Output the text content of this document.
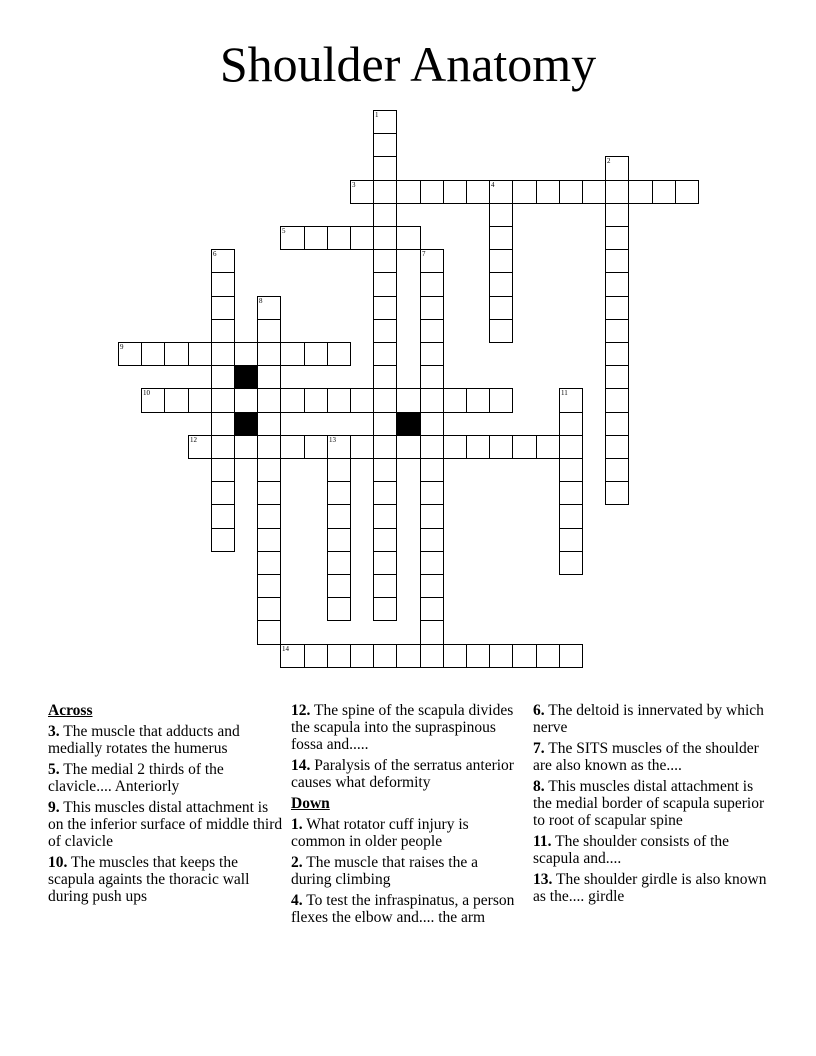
Shoulder Anatomy
1
2
3	4
5
6	7
8
9
10	11
12	13
14
Across
3. The muscle that adducts and medially rotates the humerus
5. The medial 2 thirds of the clavicle.... Anteriorly
9. This muscles distal attachment is on the inferior surface of middle third of clavicle
10. The muscles that keeps the scapula againts the thoracic wall during push ups
12. The spine of the scapula divides the scapula into the supraspinous fossa and.....
14. Paralysis of the serratus anterior causes what deformity
Down
1. What rotator cuff injury is common in older people
2. The muscle that raises the a during climbing
4. To test the infraspinatus, a person flexes the elbow and.... the arm
6. The deltoid is innervated by which nerve
7. The SITS muscles of the shoulder are also known as the....
8. This muscles distal attachment is the medial border of scapula superior to root of scapular spine
11. The shoulder consists of the scapula and....
13. The shoulder girdle is also known as the.... girdle
